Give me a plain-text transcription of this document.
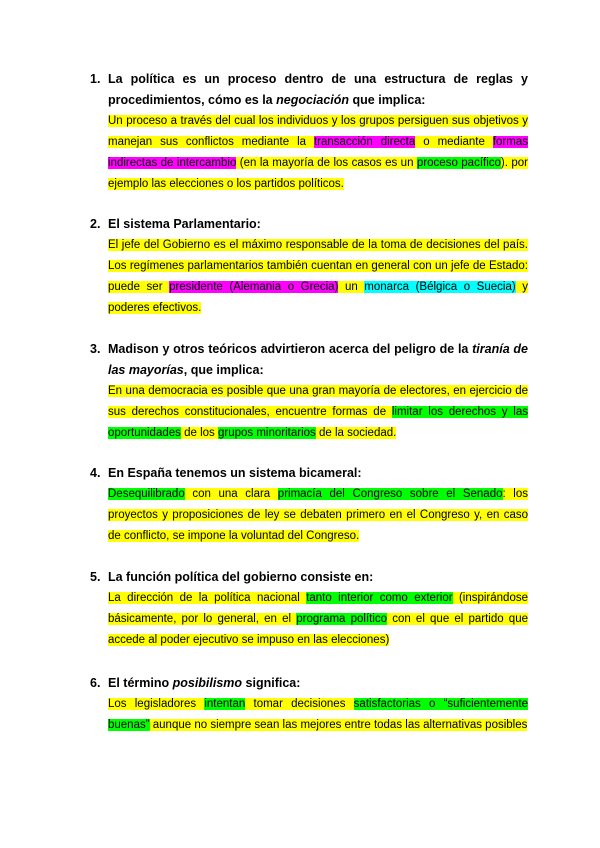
1. La política es un proceso dentro de una estructura de reglas y procedimientos, cómo es la negociación que implica:
Un proceso a través del cual los individuos y los grupos persiguen sus objetivos y manejan sus conflictos mediante la transacción directa o mediante formas indirectas de intercambio (en la mayoría de los casos es un proceso pacífico). por ejemplo las elecciones o los partidos políticos.
2. El sistema Parlamentario:
El jefe del Gobierno es el máximo responsable de la toma de decisiones del país. Los regímenes parlamentarios también cuentan en general con un jefe de Estado: puede ser presidente (Alemania o Grecia) un monarca (Bélgica o Suecia) y poderes efectivos.
3. Madison y otros teóricos advirtieron acerca del peligro de la tiranía de las mayorías, que implica:
En una democracia es posible que una gran mayoría de electores, en ejercicio de sus derechos constitucionales, encuentre formas de limitar los derechos y las oportunidades de los grupos minoritarios de la sociedad.
4. En España tenemos un sistema bicameral:
Desequilibrado con una clara primacía del Congreso sobre el Senado: los proyectos y proposiciones de ley se debaten primero en el Congreso y, en caso de conflicto, se impone la voluntad del Congreso.
5. La función política del gobierno consiste en:
La dirección de la política nacional tanto interior como exterior (inspirándose básicamente, por lo general, en el programa político con el que el partido que accede al poder ejecutivo se impuso en las elecciones)
6. El término posibilismo significa:
Los legisladores intentan tomar decisiones satisfactorias o “suficientemente buenas” aunque no siempre sean las mejores entre todas las alternativas posibles
